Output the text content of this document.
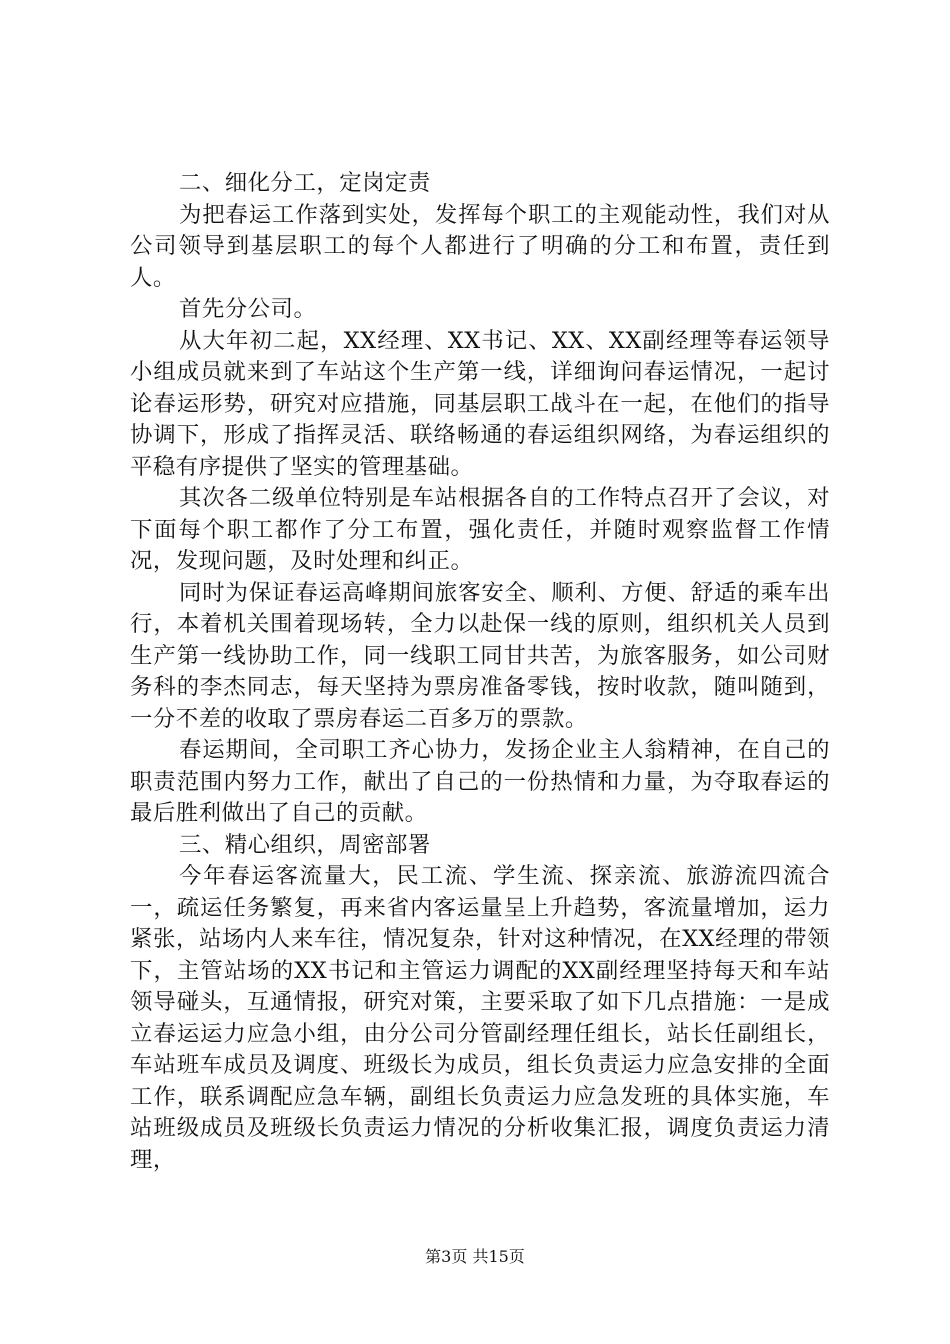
二、细化分工，定岗定责

为把春运工作落到实处，发挥每个职工的主观能动性，我们对从公司领导到基层职工的每个人都进行了明确的分工和布置，责任到人。

首先分公司。

从大年初二起，XX经理、XX书记、XX、XX副经理等春运领导小组成员就来到了车站这个生产第一线，详细询问春运情况，一起讨论春运形势，研究对应措施，同基层职工战斗在一起，在他们的指导协调下，形成了指挥灵活、联络畅通的春运组织网络，为春运组织的平稳有序提供了坚实的管理基础。

其次各二级单位特别是车站根据各自的工作特点召开了会议，对下面每个职工都作了分工布置，强化责任，并随时观察监督工作情况，发现问题，及时处理和纠正。

同时为保证春运高峰期间旅客安全、顺利、方便、舒适的乘车出行，本着机关围着现场转，全力以赴保一线的原则，组织机关人员到生产第一线协助工作，同一线职工同甘共苦，为旅客服务，如公司财务科的李杰同志，每天坚持为票房准备零钱，按时收款，随叫随到，一分不差的收取了票房春运二百多万的票款。

春运期间，全司职工齐心协力，发扬企业主人翁精神，在自己的职责范围内努力工作，献出了自己的一份热情和力量，为夺取春运的最后胜利做出了自己的贡献。

三、精心组织，周密部署

今年春运客流量大，民工流、学生流、探亲流、旅游流四流合一，疏运任务繁复，再来省内客运量呈上升趋势，客流量增加，运力紧张，站场内人来车往，情况复杂，针对这种情况，在XX经理的带领下，主管站场的XX书记和主管运力调配的XX副经理坚持每天和车站领导碰头，互通情报，研究对策，主要采取了如下几点措施：一是成立春运运力应急小组，由分公司分管副经理任组长，站长任副组长，车站班车成员及调度、班级长为成员，组长负责运力应急安排的全面工作，联系调配应急车辆，副组长负责运力应急发班的具体实施，车站班级成员及班级长负责运力情况的分析收集汇报，调度负责运力清理，

第3页 共15页
